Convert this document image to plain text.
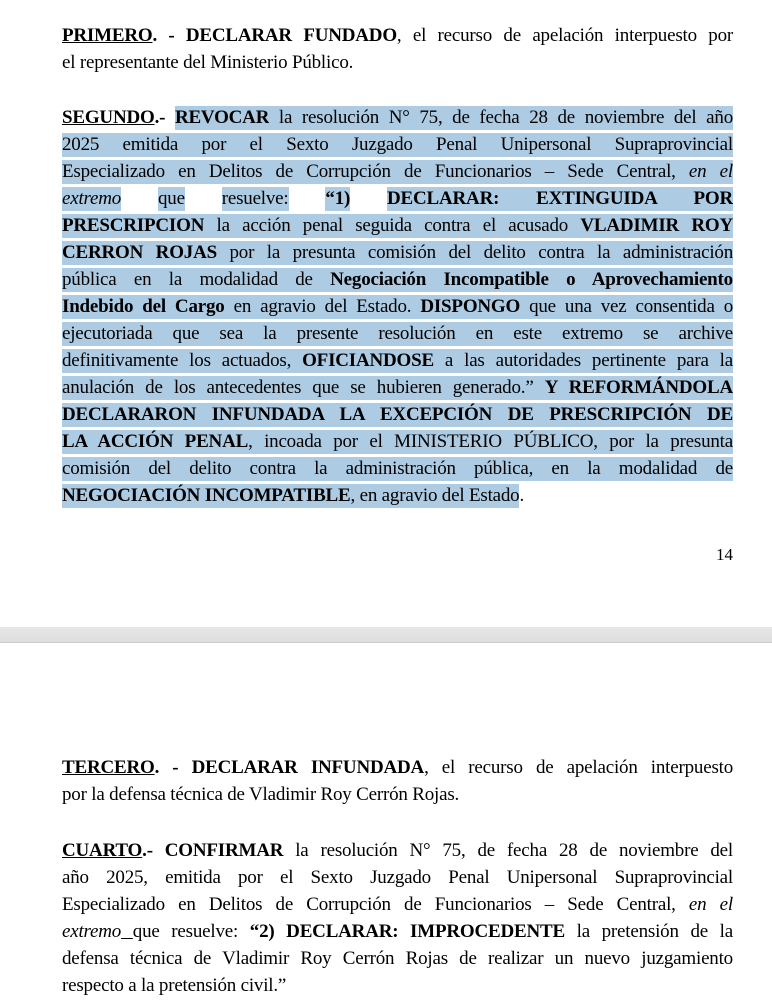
PRIMERO. - DECLARAR FUNDADO, el recurso de apelación interpuesto por
el representante del Ministerio Público.
SEGUNDO.- REVOCAR la resolución N° 75, de fecha 28 de noviembre del año
2025 emitida por el Sexto Juzgado Penal Unipersonal Supraprovincial
Especializado en Delitos de Corrupción de Funcionarios – Sede Central, en el
extremo que resuelve: “1) DECLARAR: EXTINGUIDA POR
PRESCRIPCION la acción penal seguida contra el acusado VLADIMIR ROY
CERRON ROJAS por la presunta comisión del delito contra la administración
pública en la modalidad de Negociación Incompatible o Aprovechamiento
Indebido del Cargo en agravio del Estado. DISPONGO que una vez consentida o
ejecutoriada que sea la presente resolución en este extremo se archive
definitivamente los actuados, OFICIANDOSE a las autoridades pertinente para la
anulación de los antecedentes que se hubieren generado.” Y REFORMÁNDOLA
DECLARARON INFUNDADA LA EXCEPCIÓN DE PRESCRIPCIÓN DE
LA ACCIÓN PENAL, incoada por el MINISTERIO PÚBLICO, por la presunta
comisión del delito contra la administración pública, en la modalidad de
NEGOCIACIÓN INCOMPATIBLE, en agravio del Estado.
14
TERCERO. - DECLARAR INFUNDADA, el recurso de apelación interpuesto
por la defensa técnica de Vladimir Roy Cerrón Rojas.
CUARTO.- CONFIRMAR la resolución N° 75, de fecha 28 de noviembre del
año 2025, emitida por el Sexto Juzgado Penal Unipersonal Supraprovincial
Especializado en Delitos de Corrupción de Funcionarios – Sede Central, en el
extremo que resuelve: “2) DECLARAR: IMPROCEDENTE la pretensión de la
defensa técnica de Vladimir Roy Cerrón Rojas de realizar un nuevo juzgamiento
respecto a la pretensión civil.”
